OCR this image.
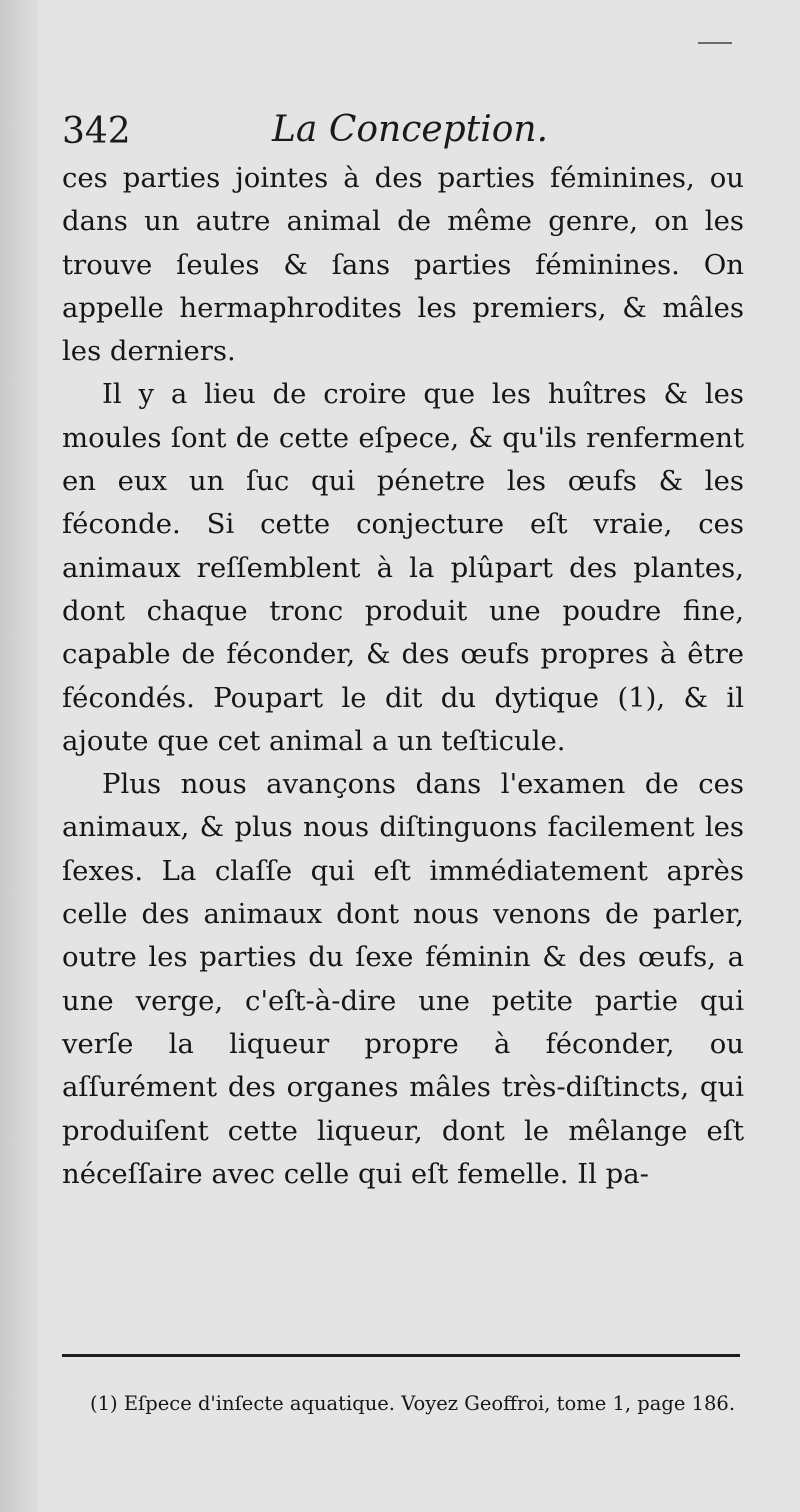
342	La Conception.

ces parties jointes à des parties féminines, ou dans un autre animal de même genre, on les trouve ſeules & ſans parties féminines. On appelle hermaphrodites les premiers, & mâles les derniers.

Il y a lieu de croire que les huîtres & les moules ſont de cette eſpece, & qu'ils renferment en eux un ſuc qui pénetre les œufs & les féconde. Si cette conjecture eſt vraie, ces animaux reſſemblent à la plûpart des plantes, dont chaque tronc produit une poudre fine, capable de féconder, & des œufs propres à être fécondés. Poupart le dit du dytique (1), & il ajoute que cet animal a un teſticule.

Plus nous avançons dans l'examen de ces animaux, & plus nous diſtinguons facilement les ſexes. La claſſe qui eſt immédiatement après celle des animaux dont nous venons de parler, outre les parties du ſexe féminin & des œufs, a une verge, c'eſt-à-dire une petite partie qui verſe la liqueur propre à féconder, ou aſſurément des organes mâles très-diſtincts, qui produiſent cette liqueur, dont le mêlange eſt néceſſaire avec celle qui eſt femelle. Il pa-

(1) Eſpece d'inſecte aquatique. Voyez Geoffroi, tome 1, page 186.
